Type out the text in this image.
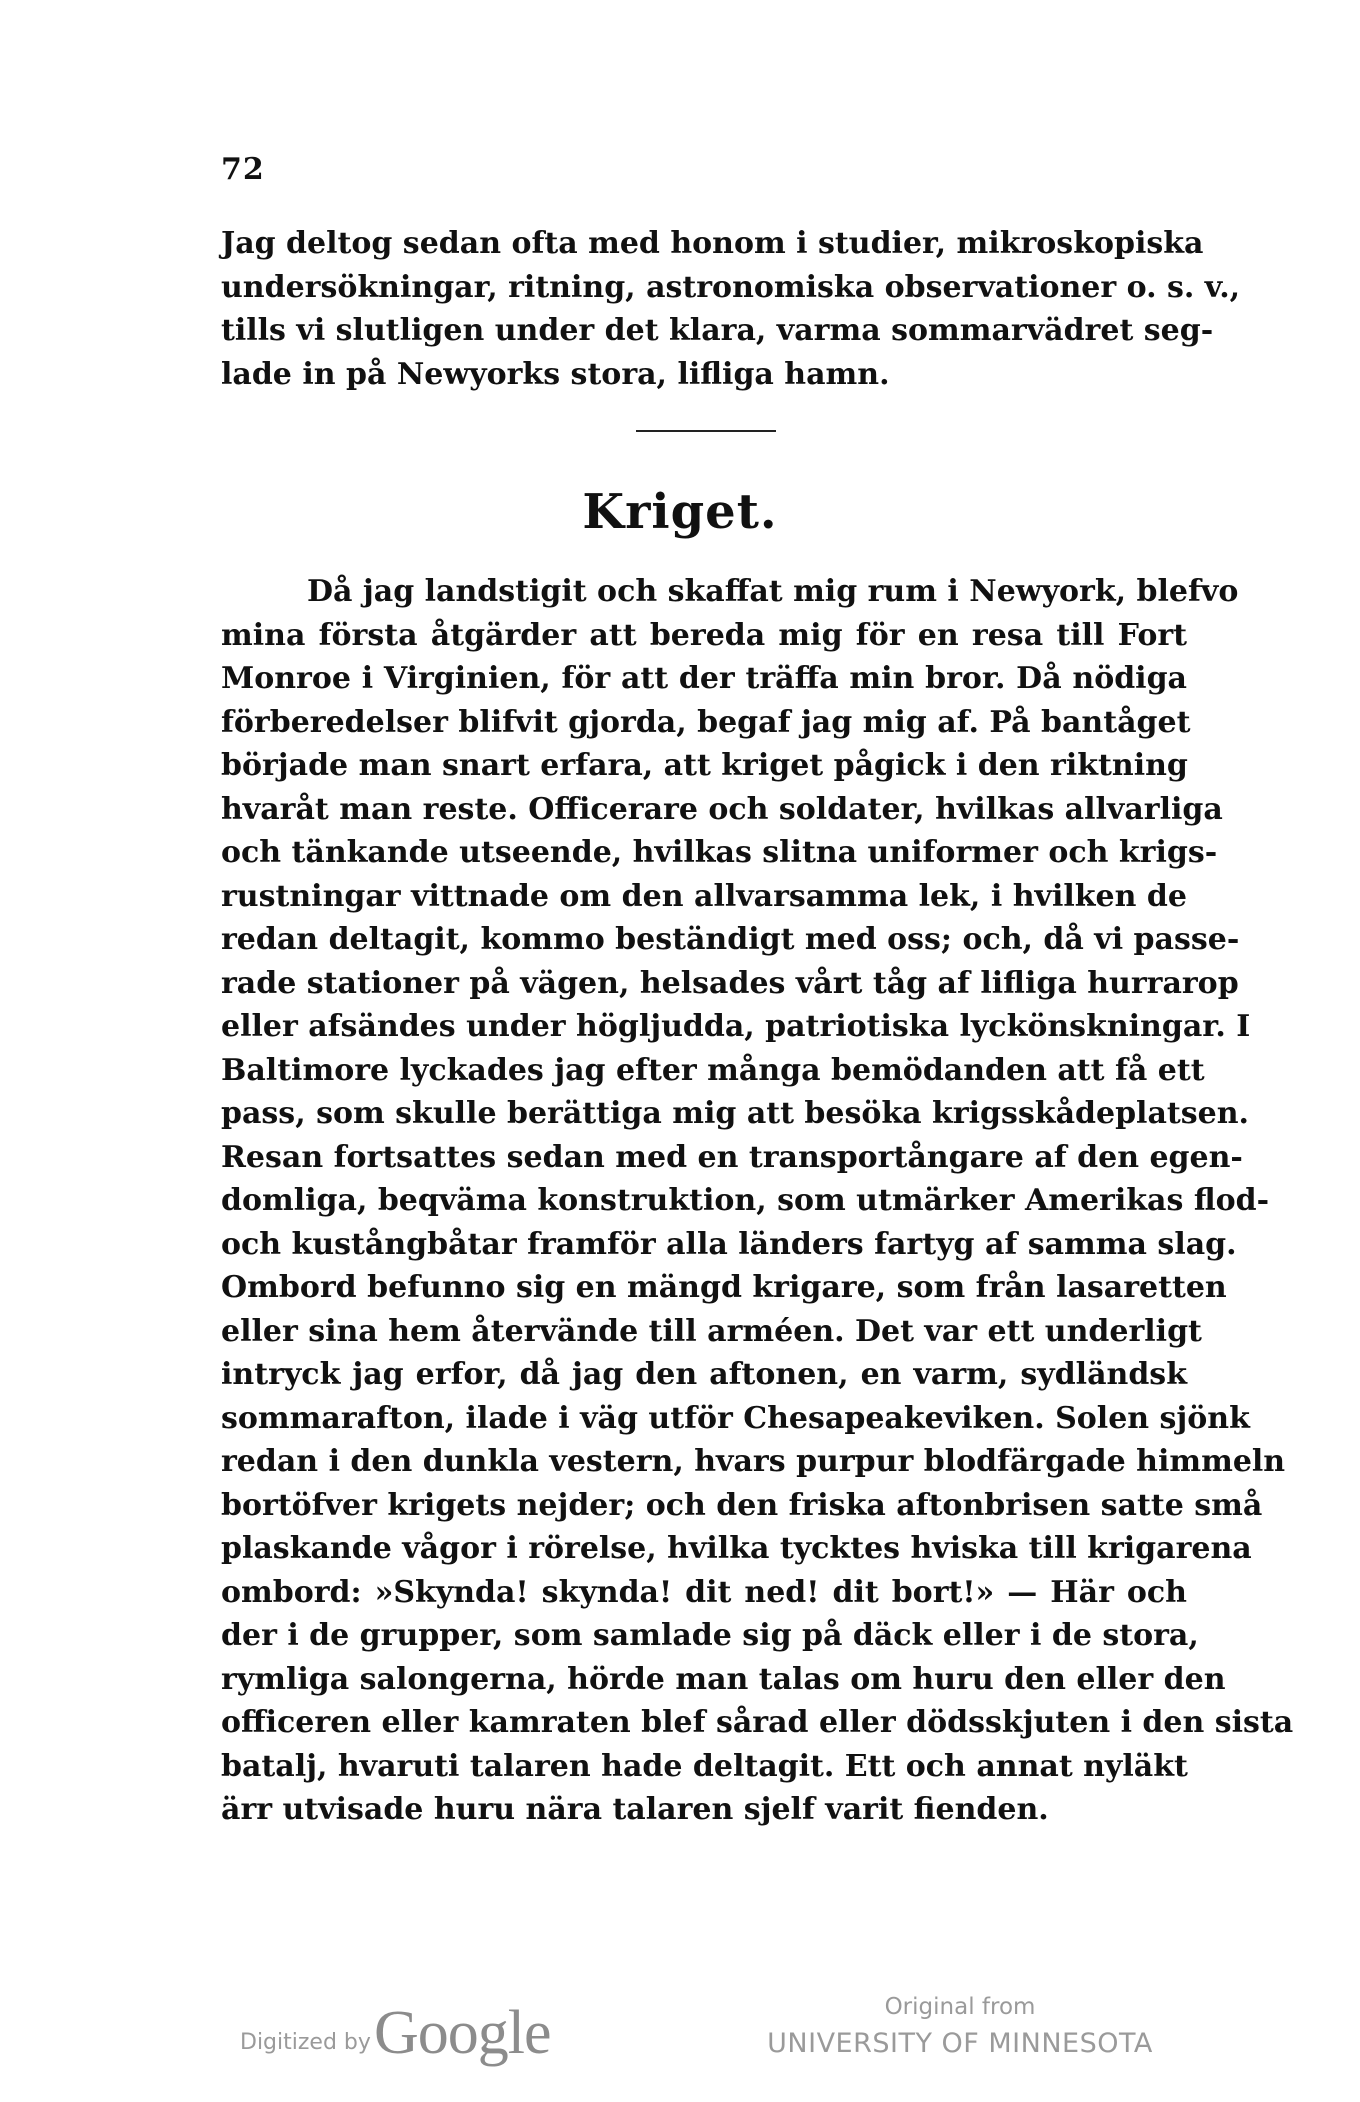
72
Jag deltog sedan ofta med honom i studier, mikroskopiska
undersökningar, ritning, astronomiska observationer o. s. v.,
tills vi slutligen under det klara, varma sommarvädret seg-
lade in på Newyorks stora, lifliga hamn.
Kriget.
Då jag landstigit och skaffat mig rum i Newyork, blefvo
mina första åtgärder att bereda mig för en resa till Fort
Monroe i Virginien, för att der träffa min bror. Då nödiga
förberedelser blifvit gjorda, begaf jag mig af. På bantåget
började man snart erfara, att kriget pågick i den riktning
hvaråt man reste. Officerare och soldater, hvilkas allvarliga
och tänkande utseende, hvilkas slitna uniformer och krigs-
rustningar vittnade om den allvarsamma lek, i hvilken de
redan deltagit, kommo beständigt med oss; och, då vi passe-
rade stationer på vägen, helsades vårt tåg af lifliga hurrarop
eller afsändes under högljudda, patriotiska lyckönskningar. I
Baltimore lyckades jag efter många bemödanden att få ett
pass, som skulle berättiga mig att besöka krigsskådeplatsen.
Resan fortsattes sedan med en transportångare af den egen-
domliga, beqväma konstruktion, som utmärker Amerikas flod-
och kustångbåtar framför alla länders fartyg af samma slag.
Ombord befunno sig en mängd krigare, som från lasaretten
eller sina hem återvände till arméen. Det var ett underligt
intryck jag erfor, då jag den aftonen, en varm, sydländsk
sommarafton, ilade i väg utför Chesapeakeviken. Solen sjönk
redan i den dunkla vestern, hvars purpur blodfärgade himmeln
bortöfver krigets nejder; och den friska aftonbrisen satte små
plaskande vågor i rörelse, hvilka tycktes hviska till krigarena
ombord: »Skynda! skynda! dit ned! dit bort!» — Här och
der i de grupper, som samlade sig på däck eller i de stora,
rymliga salongerna, hörde man talas om huru den eller den
officeren eller kamraten blef sårad eller dödsskjuten i den sista
batalj, hvaruti talaren hade deltagit. Ett och annat nyläkt
ärr utvisade huru nära talaren sjelf varit fienden.
Digitized by Google	Original from
UNIVERSITY OF MINNESOTA
